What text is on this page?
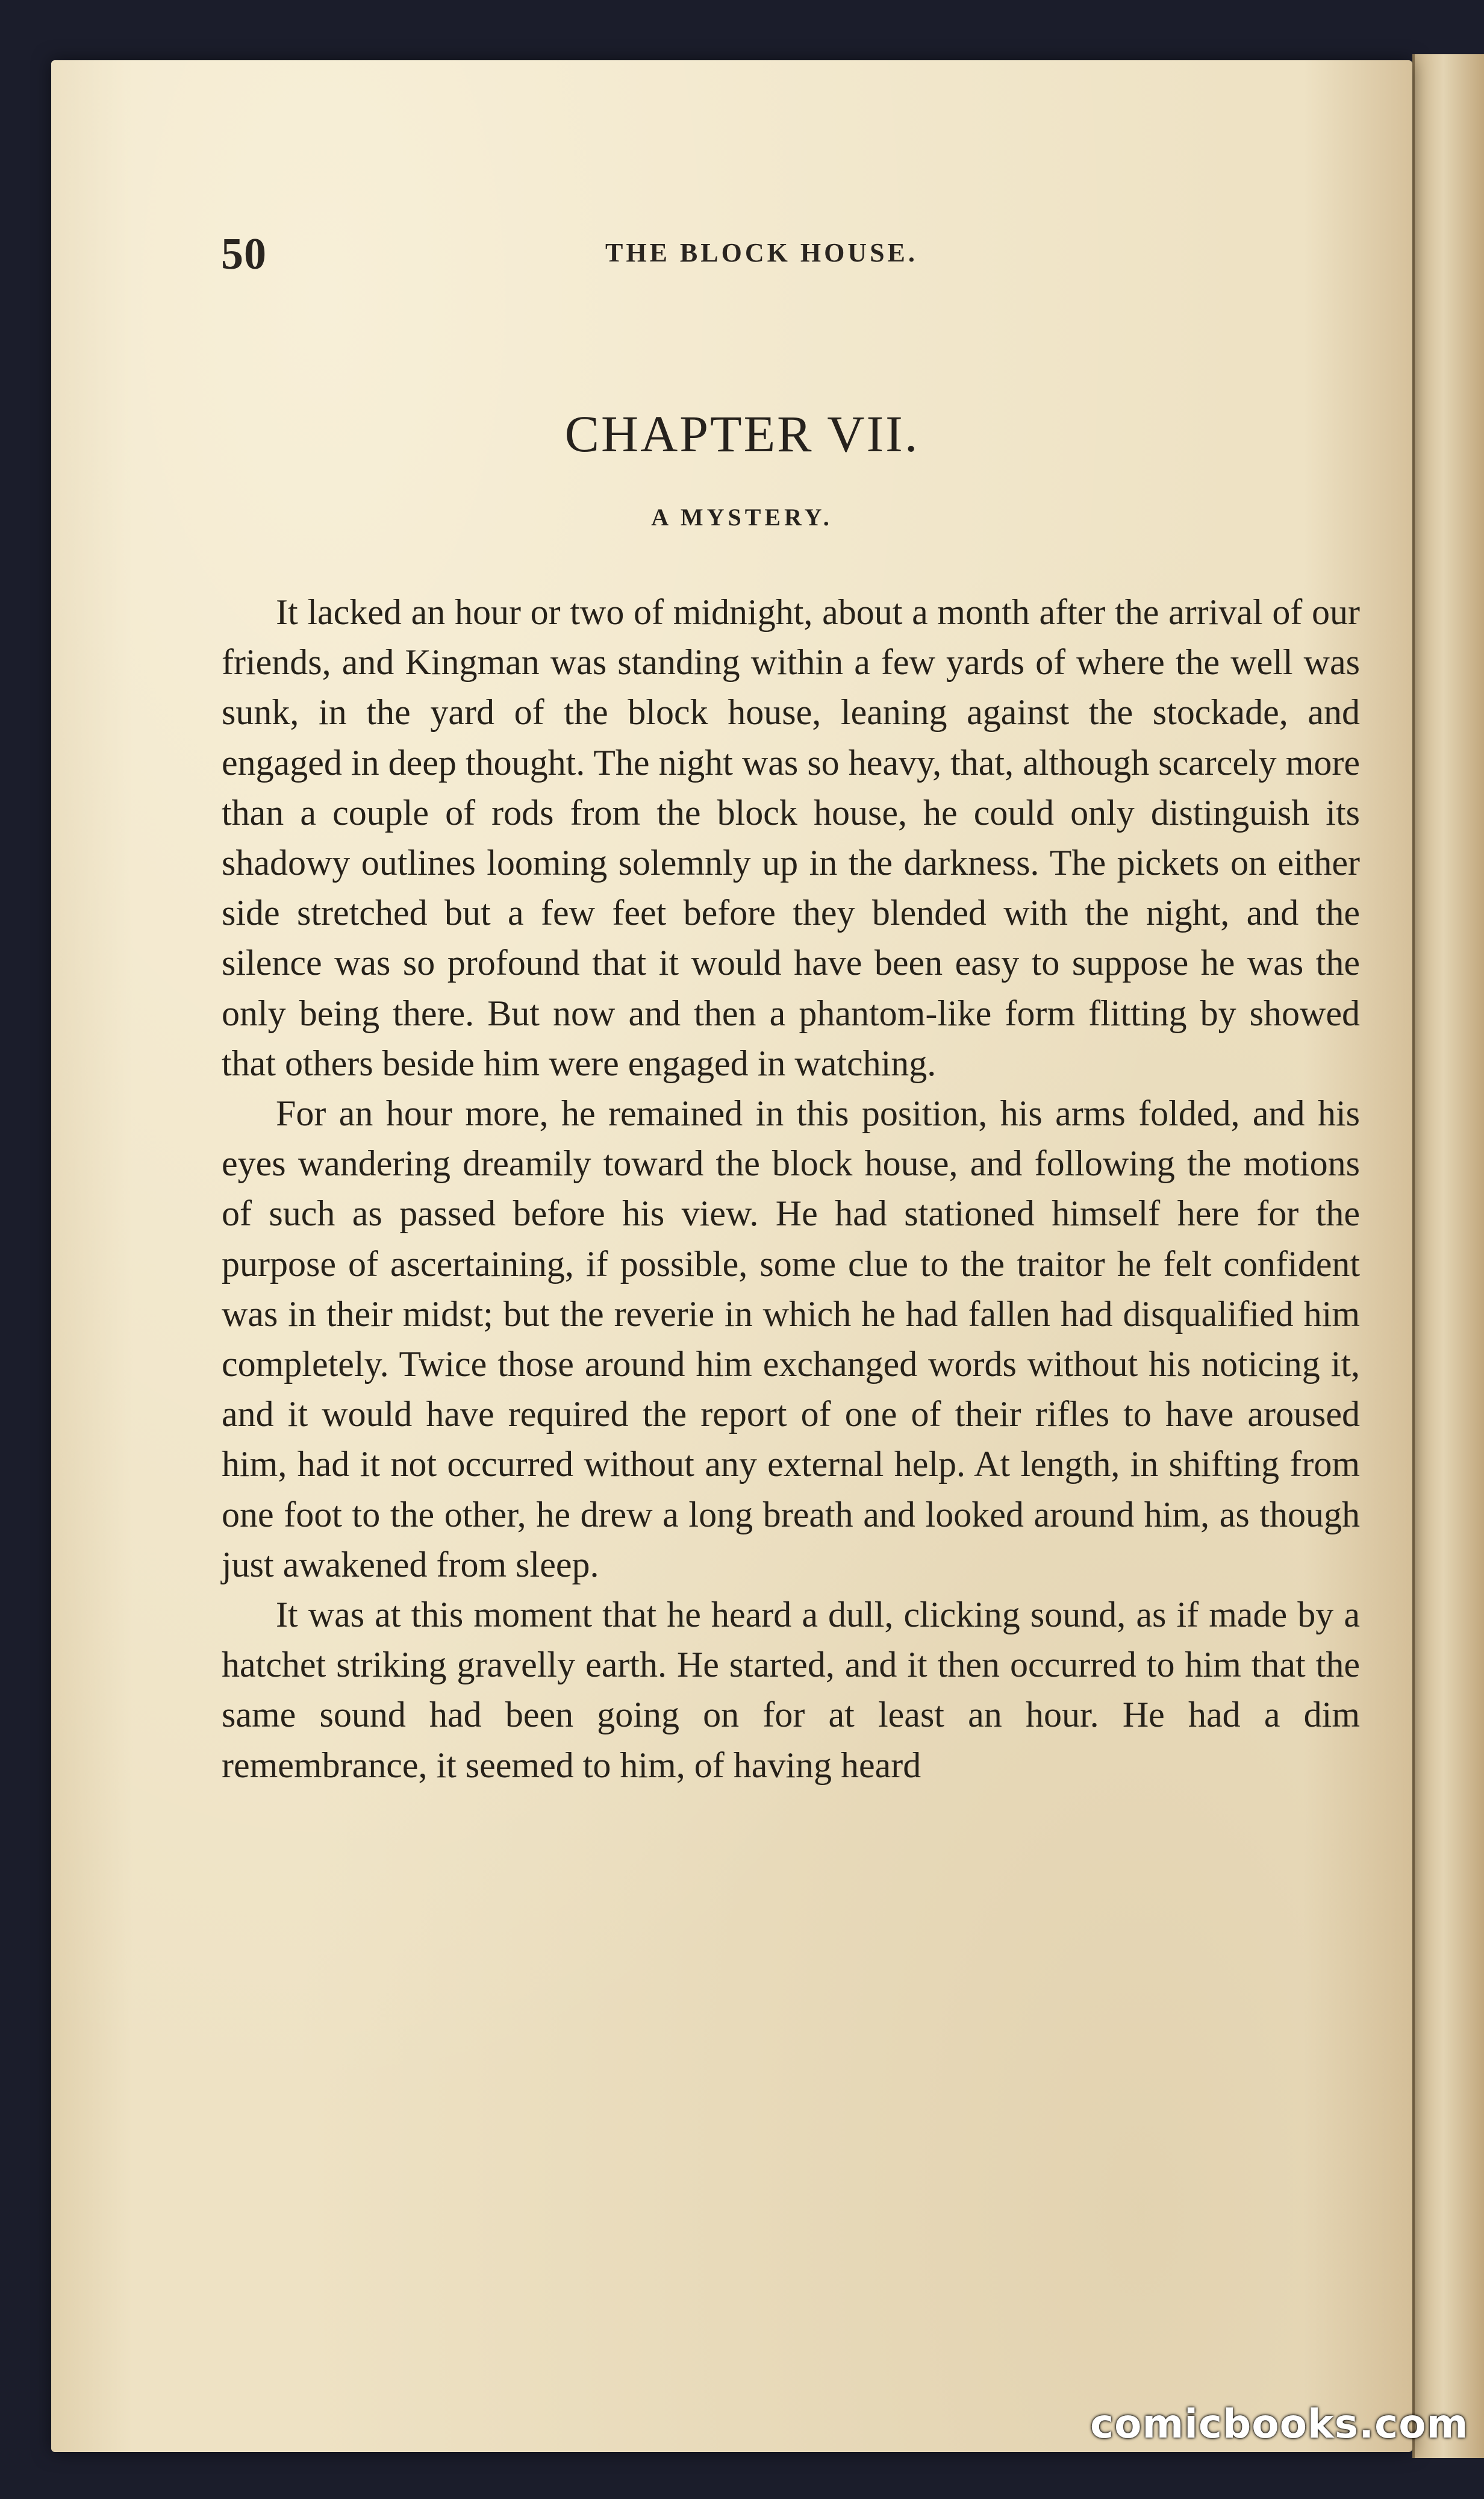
50	THE BLOCK HOUSE.
CHAPTER VII.
A MYSTERY.

It lacked an hour or two of midnight, about a month after the arrival of our friends, and Kingman was standing within a few yards of where the well was sunk, in the yard of the block house, leaning against the stockade, and engaged in deep thought. The night was so heavy, that, although scarcely more than a couple of rods from the block house, he could only distinguish its shadowy outlines looming solemnly up in the darkness. The pickets on either side stretched but a few feet before they blended with the night, and the silence was so profound that it would have been easy to suppose he was the only being there. But now and then a phantom-like form flitting by showed that others beside him were engaged in watching.

For an hour more, he remained in this position, his arms folded, and his eyes wandering dreamily toward the block house, and following the motions of such as passed before his view. He had stationed himself here for the purpose of ascertaining, if possible, some clue to the traitor he felt confident was in their midst; but the reverie in which he had fallen had disqualified him completely. Twice those around him exchanged words without his noticing it, and it would have required the report of one of their rifles to have aroused him, had it not occurred without any external help. At length, in shifting from one foot to the other, he drew a long breath and looked around him, as though just awakened from sleep.

It was at this moment that he heard a dull, clicking sound, as if made by a hatchet striking gravelly earth. He started, and it then occurred to him that the same sound had been going on for at least an hour. He had a dim remembrance, it seemed to him, of having heard

comicbooks.com
